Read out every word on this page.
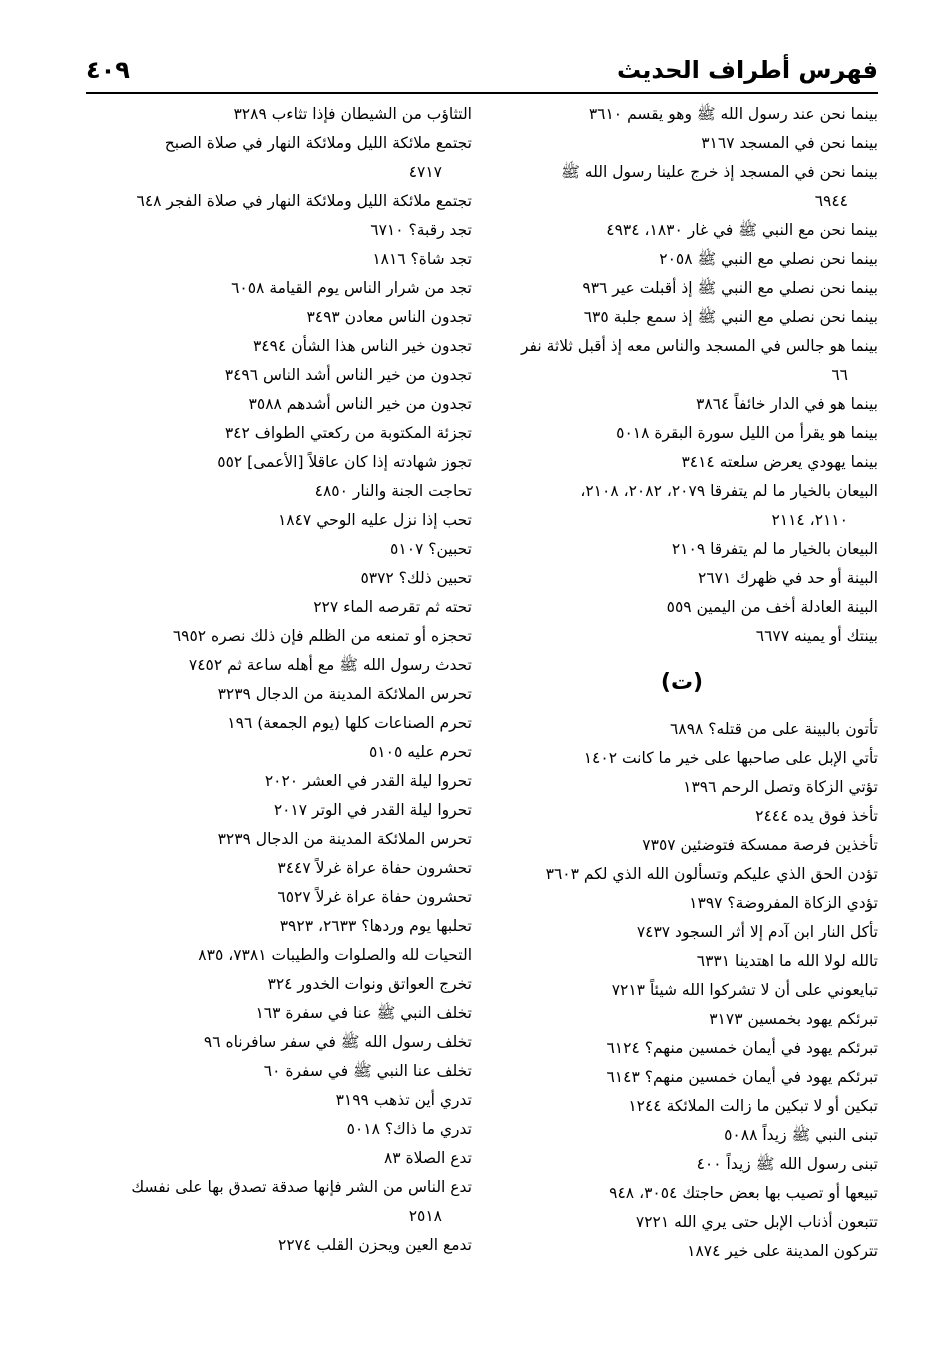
فهرس أطراف الحديث
٤٠٩

بينما نحن عند رسول الله ﷺ وهو يقسم ٣٦١٠

بينما نحن في المسجد ٣١٦٧

بينما نحن في المسجد إذ خرج علينا رسول الله ﷺ
٦٩٤٤

بينما نحن مع النبي ﷺ في غار ١٨٣٠، ٤٩٣٤

بينما نحن نصلي مع النبي ﷺ ٢٠٥٨

بينما نحن نصلي مع النبي ﷺ إذ أقبلت عير ٩٣٦

بينما نحن نصلي مع النبي ﷺ إذ سمع جلبة ٦٣٥

بينما هو جالس في المسجد والناس معه إذ أقبل ثلاثة نفر
٦٦

بينما هو في الدار خائفاً ٣٨٦٤

بينما هو يقرأ من الليل سورة البقرة ٥٠١٨

بينما يهودي يعرض سلعته ٣٤١٤

البيعان بالخيار ما لم يتفرقا ٢٠٧٩، ٢٠٨٢، ٢١٠٨،
٢١١٠، ٢١١٤

البيعان بالخيار ما لم يتفرقا ٢١٠٩

البينة أو حد في ظهرك ٢٦٧١

البينة العادلة أخف من اليمين ٥٥٩

بينتك أو يمينه ٦٦٧٧

(ت)

تأتون بالبينة على من قتله؟ ٦٨٩٨

تأتي الإبل على صاحبها على خير ما كانت ١٤٠٢

تؤتي الزكاة وتصل الرحم ١٣٩٦

تأخذ فوق يده ٢٤٤٤

تأخذين فرصة ممسكة فتوضئين ٧٣٥٧

تؤدن الحق الذي عليكم وتسألون الله الذي لكم ٣٦٠٣

تؤدي الزكاة المفروضة؟ ١٣٩٧

تأكل النار ابن آدم إلا أثر السجود ٧٤٣٧

تالله لولا الله ما اهتدينا ٦٣٣١

تبايعوني على أن لا تشركوا الله شيئاً ٧٢١٣

تبرئكم يهود بخمسين ٣١٧٣

تبرئكم يهود في أيمان خمسين منهم؟ ٦١٢٤

تبرئكم يهود في أيمان خمسين منهم؟ ٦١٤٣

تبكين أو لا تبكين ما زالت الملائكة ١٢٤٤

تبنى النبي ﷺ زيداً ٥٠٨٨

تبنى رسول الله ﷺ زيداً ٤٠٠

تبيعها أو تصيب بها بعض حاجتك ٣٠٥٤، ٩٤٨

تتبعون أذناب الإبل حتى يري الله ٧٢٢١

تتركون المدينة على خير ١٨٧٤

التثاؤب من الشيطان فإذا تثاءب ٣٢٨٩

تجتمع ملائكة الليل وملائكة النهار في صلاة الصبح
٤٧١٧

تجتمع ملائكة الليل وملائكة النهار في صلاة الفجر ٦٤٨

تجد رقبة؟ ٦٧١٠

تجد شاة؟ ١٨١٦

تجد من شرار الناس يوم القيامة ٦٠٥٨

تجدون الناس معادن ٣٤٩٣

تجدون خير الناس هذا الشأن ٣٤٩٤

تجدون من خير الناس أشد الناس ٣٤٩٦

تجدون من خير الناس أشدهم ٣٥٨٨

تجزئة المكتوبة من ركعتي الطواف ٣٤٢

تجوز شهادته إذا كان عاقلاً [الأعمى] ٥٥٢

تحاجت الجنة والنار ٤٨٥٠

تحب إذا نزل عليه الوحي ١٨٤٧

تحبين؟ ٥١٠٧

تحبين ذلك؟ ٥٣٧٢

تحته ثم تقرصه الماء ٢٢٧

تحجزه أو تمنعه من الظلم فإن ذلك نصره ٦٩٥٢

تحدث رسول الله ﷺ مع أهله ساعة ثم ٧٤٥٢

تحرس الملائكة المدينة من الدجال ٣٢٣٩

تحرم الصناعات كلها (يوم الجمعة) ١٩٦

تحرم عليه ٥١٠٥

تحروا ليلة القدر في العشر ٢٠٢٠

تحروا ليلة القدر في الوتر ٢٠١٧

تحرس الملائكة المدينة من الدجال ٣٢٣٩

تحشرون حفاة عراة غرلاً ٣٤٤٧

تحشرون حفاة عراة غرلاً ٦٥٢٧

تحلبها يوم وردها؟ ٢٦٣٣، ٣٩٢٣

التحيات لله والصلوات والطيبات ٧٣٨١، ٨٣٥

تخرج العواتق ونوات الخدور ٣٢٤

تخلف النبي ﷺ عنا في سفرة ١٦٣

تخلف رسول الله ﷺ في سفر سافرناه ٩٦

تخلف عنا النبي ﷺ في سفرة ٦٠

تدري أين تذهب ٣١٩٩

تدري ما ذاك؟ ٥٠١٨

تدع الصلاة ٨٣

تدع الناس من الشر فإنها صدقة تصدق بها على نفسك
٢٥١٨

تدمع العين ويحزن القلب ٢٢٧٤
